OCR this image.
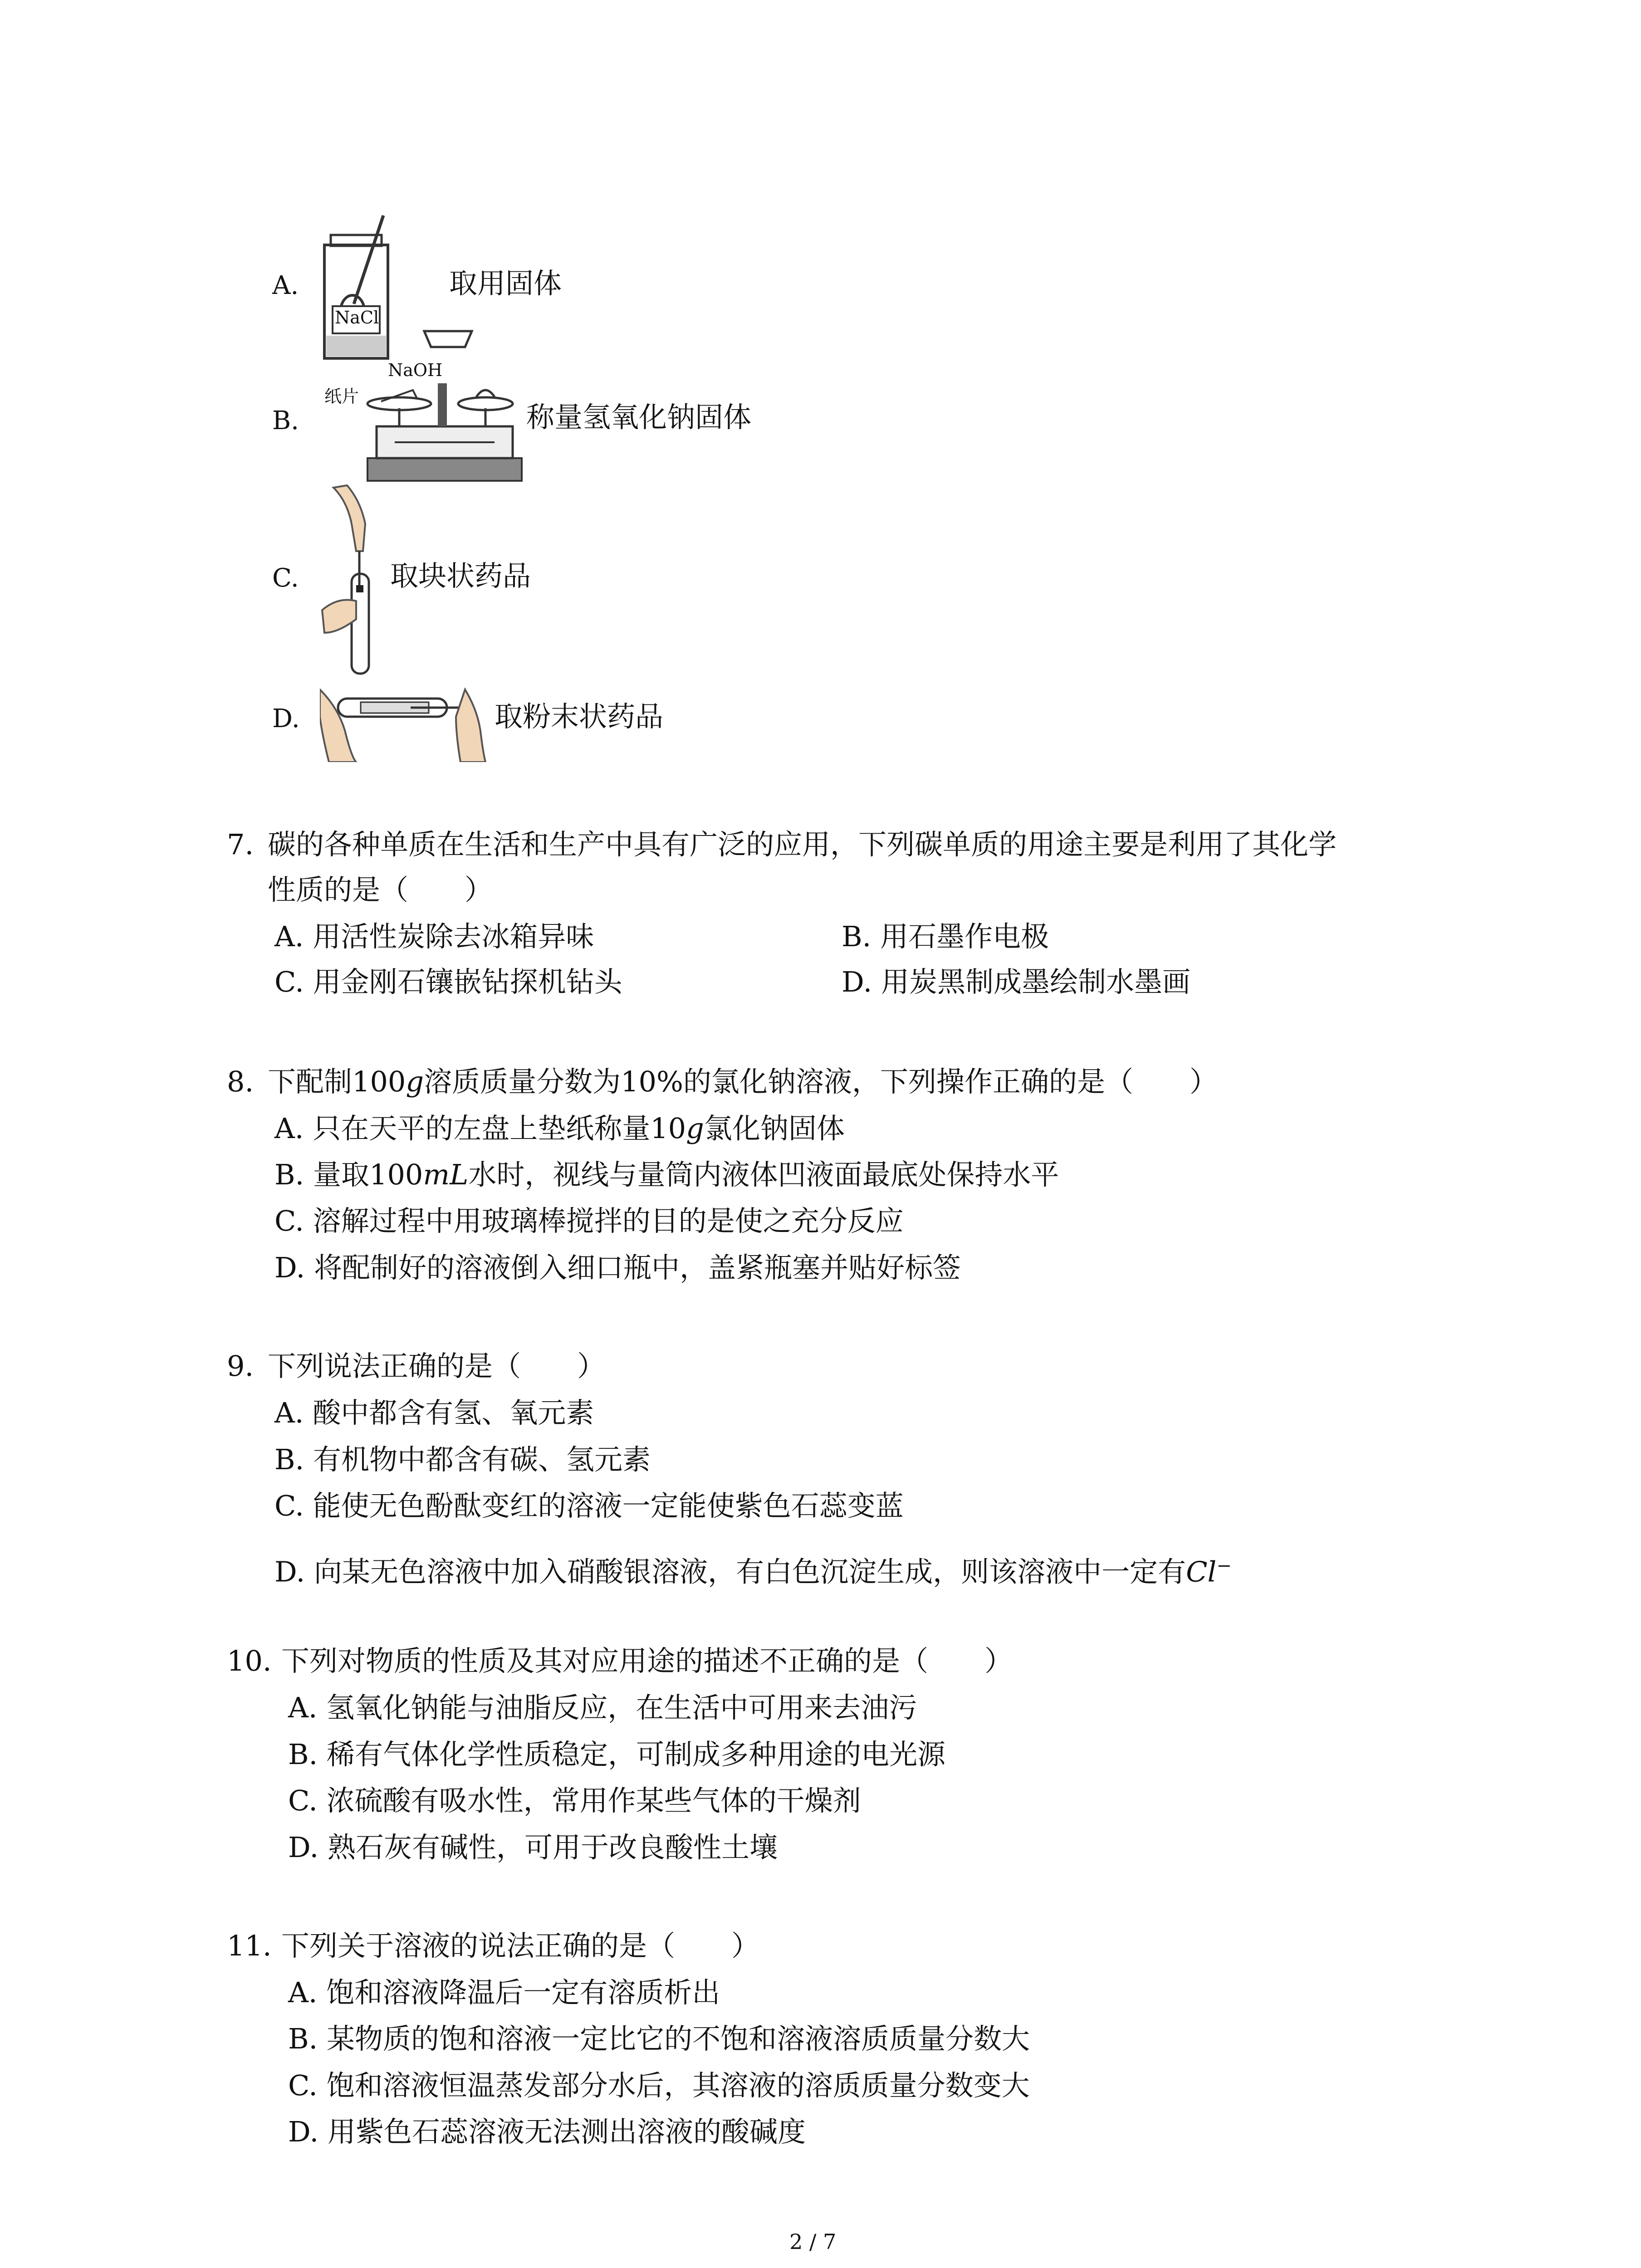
A.
NaCl
取用固体
B.
NaOH
纸片
称量氢氧化钠固体
C.	取块状药品
D.	取粉末状药品
7. 碳的各种单质在生活和生产中具有广泛的应用，下列碳单质的用途主要是利用了其化学
性质的是（　　）
A. 用活性炭除去冰箱异味	B. 用石墨作电极
C. 用金刚石镶嵌钻探机钻头	D. 用炭黑制成墨绘制水墨画
8. 下配制100g溶质质量分数为10%的氯化钠溶液，下列操作正确的是（　　）
A. 只在天平的左盘上垫纸称量10g氯化钠固体
B. 量取100mL水时，视线与量筒内液体凹液面最底处保持水平
C. 溶解过程中用玻璃棒搅拌的目的是使之充分反应
D. 将配制好的溶液倒入细口瓶中，盖紧瓶塞并贴好标签
9. 下列说法正确的是（　　）
A. 酸中都含有氢、氧元素
B. 有机物中都含有碳、氢元素
C. 能使无色酚酞变红的溶液一定能使紫色石蕊变蓝
D. 向某无色溶液中加入硝酸银溶液，有白色沉淀生成，则该溶液中一定有Cl−
10. 下列对物质的性质及其对应用途的描述不正确的是（　　）
A. 氢氧化钠能与油脂反应，在生活中可用来去油污
B. 稀有气体化学性质稳定，可制成多种用途的电光源
C. 浓硫酸有吸水性，常用作某些气体的干燥剂
D. 熟石灰有碱性，可用于改良酸性土壤
11. 下列关于溶液的说法正确的是（　　）
A. 饱和溶液降温后一定有溶质析出
B. 某物质的饱和溶液一定比它的不饱和溶液溶质质量分数大
C. 饱和溶液恒温蒸发部分水后，其溶液的溶质质量分数变大
D. 用紫色石蕊溶液无法测出溶液的酸碱度
2 / 7
